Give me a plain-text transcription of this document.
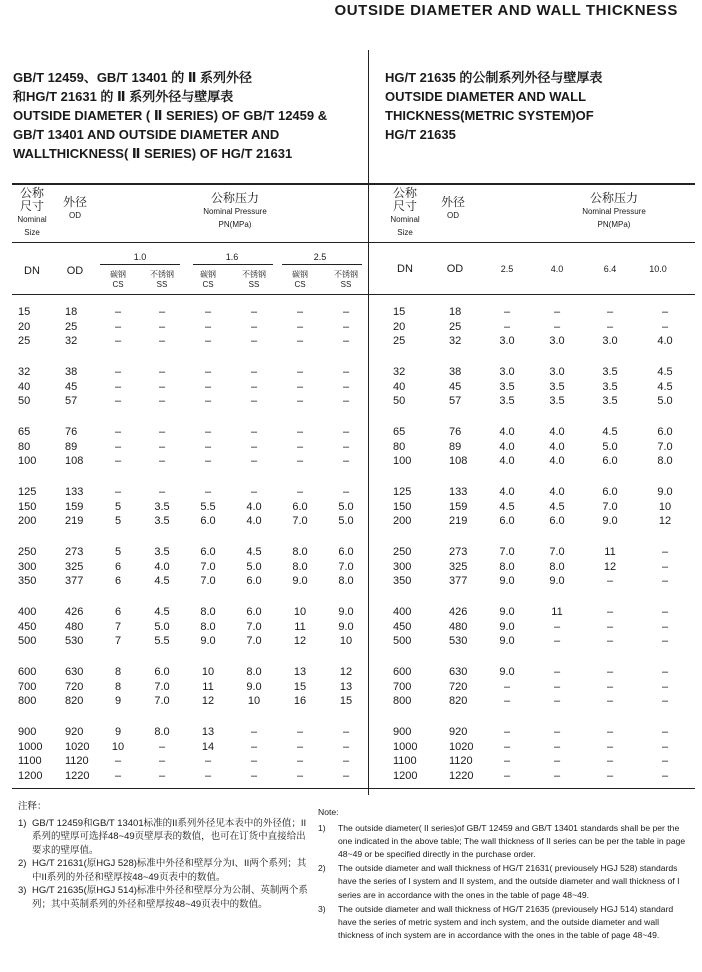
OUTSIDE DIAMETER AND WALL THICKNESS
GB/T 12459、GB/T 13401 的 Ⅱ 系列外径
和HG/T 21631 的 Ⅱ 系列外径与壁厚表
OUTSIDE DIAMETER ( Ⅱ SERIES) OF GB/T 12459 &
GB/T 13401 AND OUTSIDE DIAMETER AND
WALLTHICKNESS( Ⅱ SERIES) OF HG/T 21631
HG/T 21635 的公制系列外径与壁厚表
OUTSIDE DIAMETER AND WALL
THICKNESS(METRIC SYSTEM)OF
HG/T 21635
公称
尺寸
Nominal
Size
外径
OD
公称压力
Nominal Pressure
PN(MPa)
1.0	1.6	2.5
碳钢
CS
不锈钢
SS
碳钢
CS
不锈钢
SS
碳钢
CS
不锈钢
SS
DN	OD
15	18	–	–	–	–	–	–
20	25	–	–	–	–	–	–
25	32	–	–	–	–	–	–
32	38	–	–	–	–	–	–
40	45	–	–	–	–	–	–
50	57	–	–	–	–	–	–
65	76	–	–	–	–	–	–
80	89	–	–	–	–	–	–
100	108	–	–	–	–	–	–
125	133	–	–	–	–	–	–
150	159	5	3.5	5.5	4.0	6.0	5.0
200	219	5	3.5	6.0	4.0	7.0	5.0
250	273	5	3.5	6.0	4.5	8.0	6.0
300	325	6	4.0	7.0	5.0	8.0	7.0
350	377	6	4.5	7.0	6.0	9.0	8.0
400	426	6	4.5	8.0	6.0	10	9.0
450	480	7	5.0	8.0	7.0	11	9.0
500	530	7	5.5	9.0	7.0	12	10
600	630	8	6.0	10	8.0	13	12
700	720	8	7.0	11	9.0	15	13
800	820	9	7.0	12	10	16	15
900	920	9	8.0	13	–	–	–
1000 1020	10	–	14	–	–	–
1100 1120	–	–	–	–	–	–
1200 1220	–	–	–	–	–	–
公称
尺寸
Nominal
Size
外径
OD
公称压力
Nominal Pressure
PN(MPa)
2.5	4.0	6.4	10.0
DN	OD
15	18	–	–	–	–
20	25	–	–	–	–
25	32	3.0	3.0	3.0	4.0
32	38	3.0	3.0	3.5	4.5
40	45	3.5	3.5	3.5	4.5
50	57	3.5	3.5	3.5	5.0
65	76	4.0	4.0	4.5	6.0
80	89	4.0	4.0	5.0	7.0
100	108	4.0	4.0	6.0	8.0
125	133	4.0	4.0	6.0	9.0
150	159	4.5	4.5	7.0	10
200	219	6.0	6.0	9.0	12
250	273	7.0	7.0	11	–
300	325	8.0	8.0	12	–
350	377	9.0	9.0	–	–
400	426	9.0	11	–	–
450	480	9.0	–	–	–
500	530	9.0	–	–	–
600	630	9.0	–	–	–
700	720	–	–	–	–
800	820	–	–	–	–
900	920	–	–	–	–
1000	1020	–	–	–	–
1100	1120	–	–	–	–
1200	1220	–	–	–	–
注释：
1) GB/T 12459和GB/T 13401标准的II系列外径见本表中的外径值；II系列的壁厚可选择48~49页壁厚表的数值，也可在订货中直接给出要求的壁厚值。
2) HG/T 21631(原HGJ 528)标准中外径和壁厚分为I、II两个系列；其中II系列的外径和壁厚按48~49页表中的数值。
3) HG/T 21635(原HGJ 514)标准中外径和壁厚分为公制、英制两个系列；其中英制系列的外径和壁厚按48~49页表中的数值。
Note:
1) The outside diameter( II series)of GB/T 12459 and GB/T 13401 standards shall be per the one indicated in the above table; The wall thickness of II series can be per the table in page 48~49 or be specified directly in the purchase order.
2) The outside diameter and wall thickness of HG/T 21631( previousely HGJ 528) standards have the series of I system and II system, and the outside diameter and wall thickness of I series are in accordance with the ones in the table of page 48~49.
3) The outside diameter and wall thickness of HG/T 21635 (previousely HGJ 514) standard have the series of metric system and inch system, and the outside diameter and wall thickness of inch system are in accordance with the ones in the table of page 48~49.
